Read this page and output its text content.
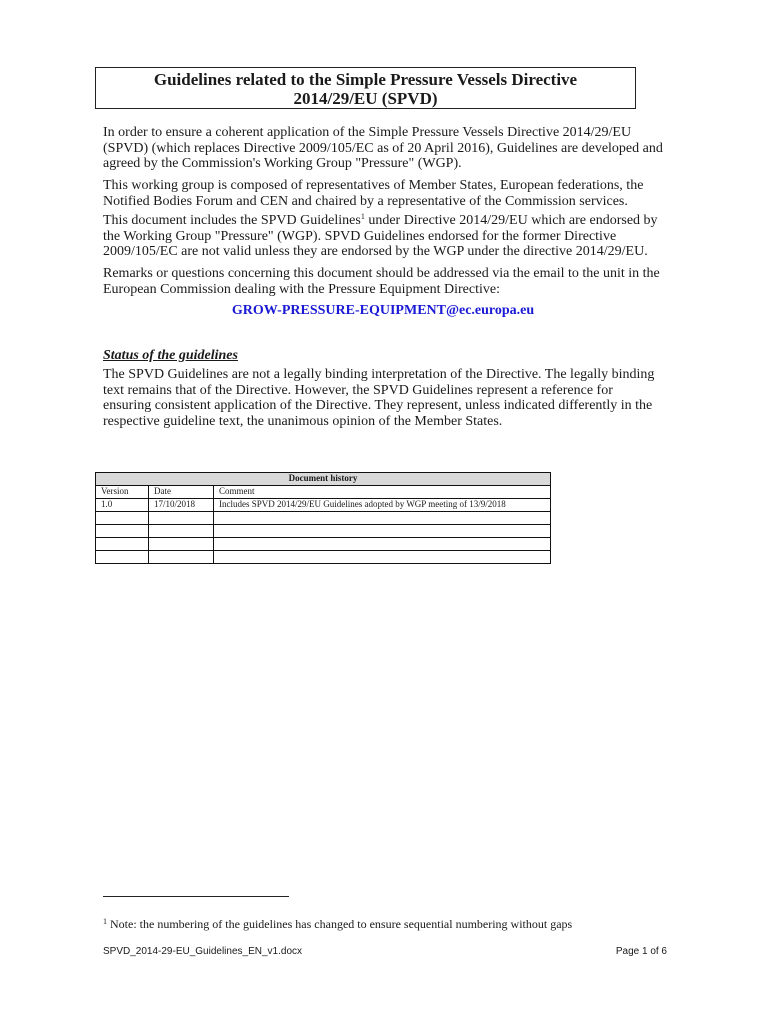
Guidelines related to the Simple Pressure Vessels Directive
2014/29/EU (SPVD)
In order to ensure a coherent application of the Simple Pressure Vessels Directive 2014/29/EU (SPVD) (which replaces Directive 2009/105/EC as of 20 April 2016), Guidelines are developed and agreed by the Commission's Working Group "Pressure" (WGP).
This working group is composed of representatives of Member States, European federations, the Notified Bodies Forum and CEN and chaired by a representative of the Commission services.
This document includes the SPVD Guidelines$^1$ under Directive 2014/29/EU which are endorsed by the Working Group "Pressure" (WGP). SPVD Guidelines endorsed for the former Directive 2009/105/EC are not valid unless they are endorsed by the WGP under the directive 2014/29/EU.
Remarks or questions concerning this document should be addressed via the email to the unit in the European Commission dealing with the Pressure Equipment Directive:
GROW-PRESSURE-EQUIPMENT@ec.europa.eu
Status of the guidelines
The SPVD Guidelines are not a legally binding interpretation of the Directive. The legally binding text remains that of the Directive. However, the SPVD Guidelines represent a reference for ensuring consistent application of the Directive. They represent, unless indicated differently in the respective guideline text, the unanimous opinion of the Member States.
Document history		
Version	Date	Comment
1.0	17/10/2018	Includes SPVD 2014/29/EU Guidelines adopted by WGP meeting of 13/9/2018

$^1$ Note: the numbering of the guidelines has changed to ensure sequential numbering without gaps
SPVD_2014-29-EU_Guidelines_EN_v1.docx	Page 1 of 6
